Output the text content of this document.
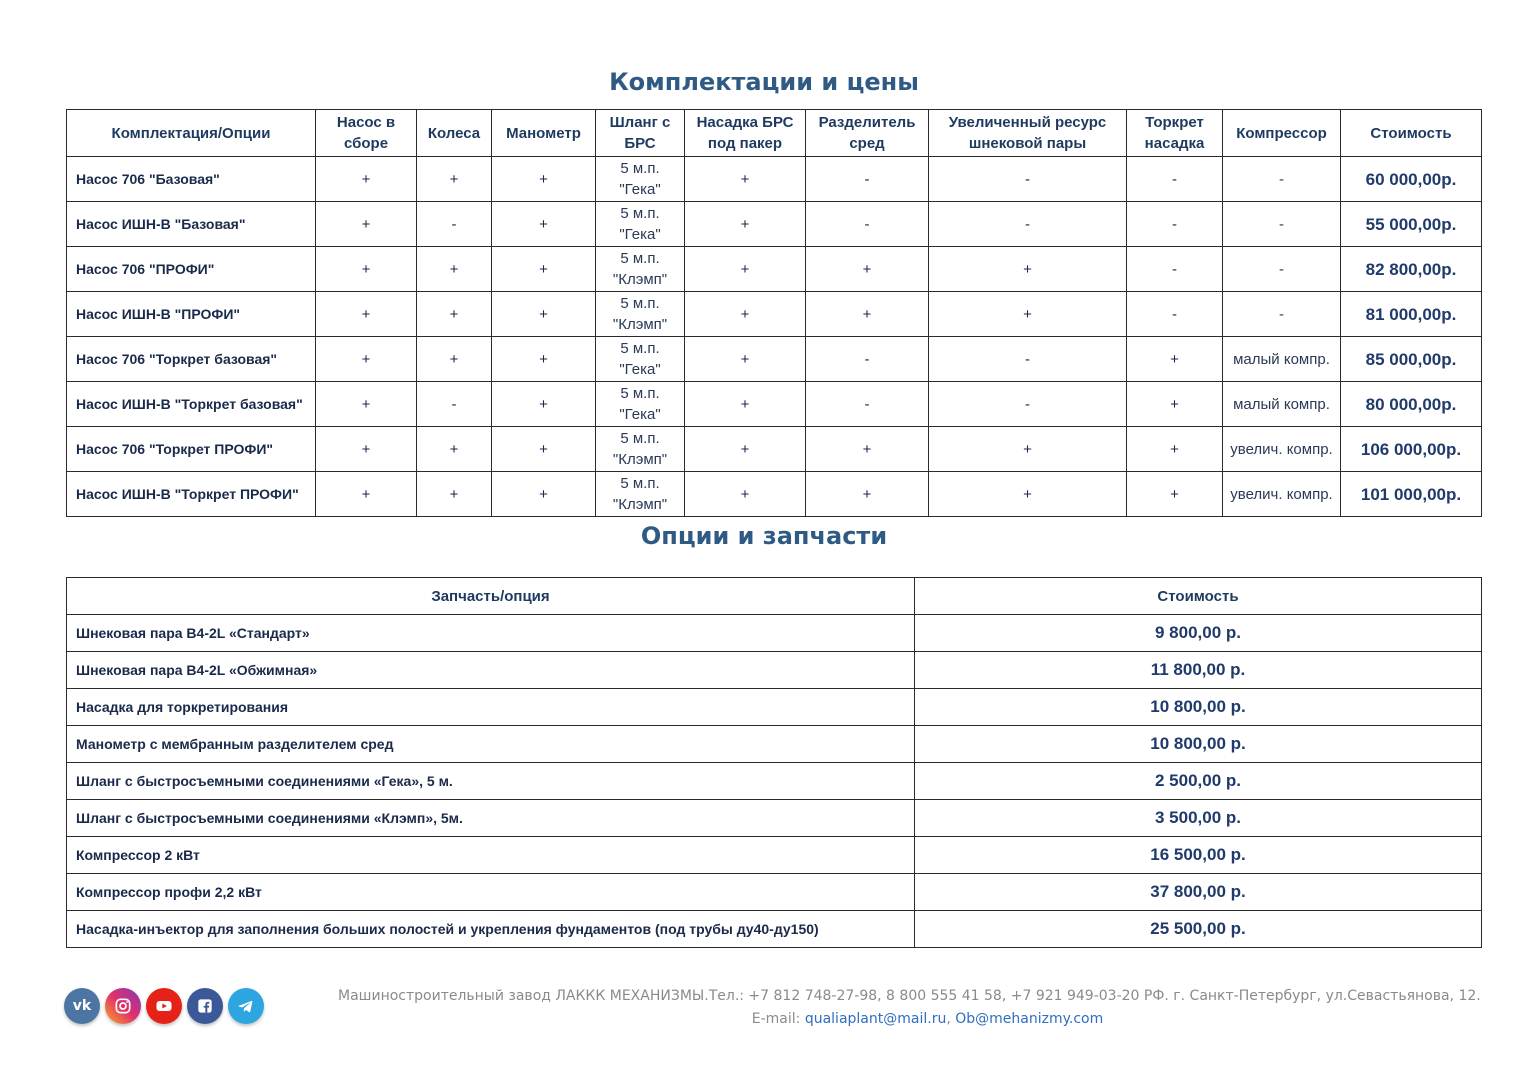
Комплектации и цены
Комплектация/Опции	Насос в сборе	Колеса	Манометр	Шланг с БРС	Насадка БРС под пакер	Разделитель сред	Увеличенный ресурс шнековой пары	Торкрет насадка	Компрессор	Стоимость
Насос 706 "Базовая"	+	+	+	5 м.п. "Гека"	+	-	-	-	-	60 000,00р.
Насос ИШН-В "Базовая"	+	-	+	5 м.п. "Гека"	+	-	-	-	-	55 000,00р.
Насос 706 "ПРОФИ"	+	+	+	5 м.п. "Клэмп"	+	+	+	-	-	82 800,00р.
Насос ИШН-В "ПРОФИ"	+	+	+	5 м.п. "Клэмп"	+	+	+	-	-	81 000,00р.
Насос 706 "Торкрет базовая"	+	+	+	5 м.п. "Гека"	+	-	-	+	малый компр.	85 000,00р.
Насос ИШН-В "Торкрет базовая"	+	-	+	5 м.п. "Гека"	+	-	-	+	малый компр.	80 000,00р.
Насос 706 "Торкрет ПРОФИ"	+	+	+	5 м.п. "Клэмп"	+	+	+	+	увелич. компр.	106 000,00р.
Насос ИШН-В "Торкрет ПРОФИ"	+	+	+	5 м.п. "Клэмп"	+	+	+	+	увелич. компр.	101 000,00р.
Опции и запчасти
Запчасть/опция	Стоимость
Шнековая пара В4-2L «Стандарт»	9 800,00 р.
Шнековая пара В4-2L «Обжимная»	11 800,00 р.
Насадка для торкретирования	10 800,00 р.
Манометр с мембранным разделителем сред	10 800,00 р.
Шланг с быстросъемными соединениями «Гека», 5 м.	2 500,00 р.
Шланг с быстросъемными соединениями «Клэмп», 5м.	3 500,00 р.
Компрессор 2 кВт	16 500,00 р.
Компрессор профи 2,2 кВт	37 800,00 р.
Насадка-инъектор для заполнения больших полостей и укрепления фундаментов (под трубы ду40-ду150)	25 500,00 р.
vk
Машиностроительный завод ЛАККК МЕХАНИЗМЫ.Тел.: +7 812 748-27-98, 8 800 555 41 58, +7 921 949-03-20 РФ. г. Санкт-Петербург, ул.Севастьянова, 12.
E-mail: qualiaplant@mail.ru, Ob@mehanizmy.com
